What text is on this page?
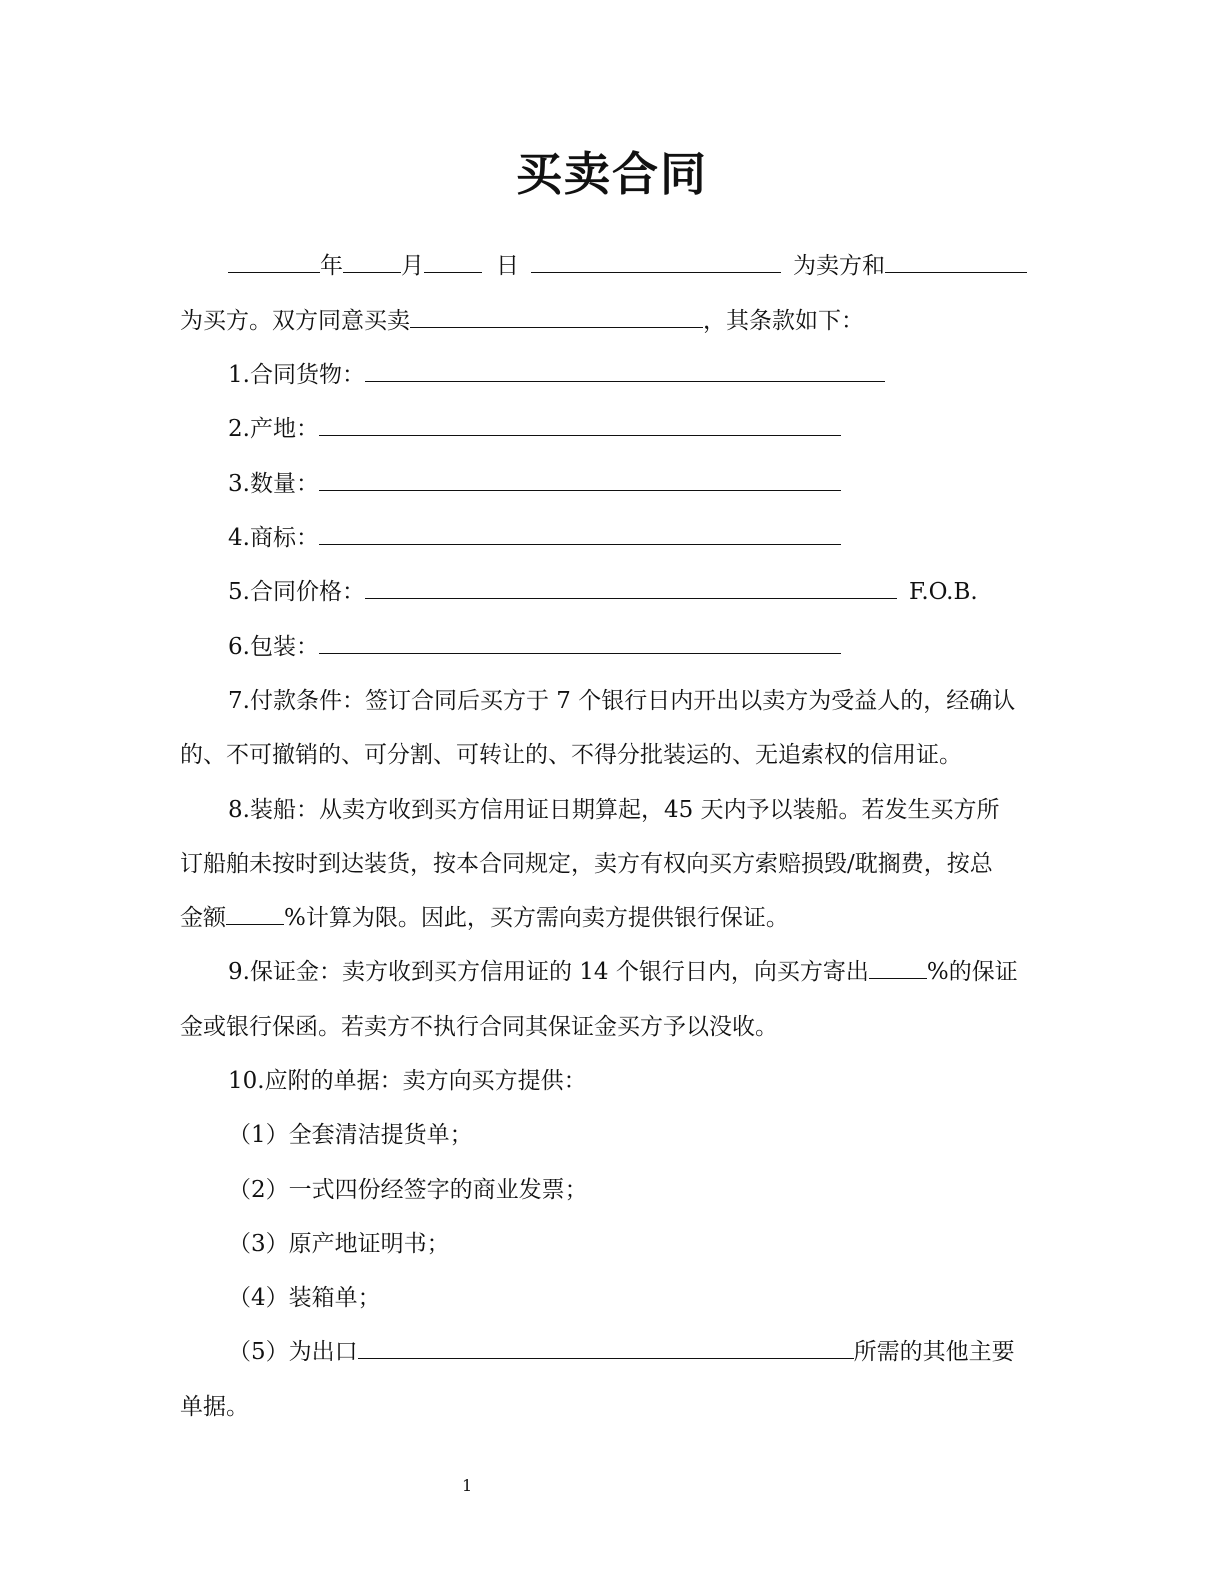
买卖合同
年	月	日	为卖方和
为买方。双方同意买卖	，其条款如下：
1.合同货物：
2.产地：
3.数量：
4.商标：
5.合同价格：	F.O.B.
6.包装：
7.付款条件：签订合同后买方于 7 个银行日内开出以卖方为受益人的，经确认
的、不可撤销的、可分割、可转让的、不得分批装运的、无追索权的信用证。
8.装船：从卖方收到买方信用证日期算起，45 天内予以装船。若发生买方所
订船舶未按时到达装货，按本合同规定，卖方有权向买方索赔损毁/耽搁费，按总
金额	%计算为限。因此，买方需向卖方提供银行保证。
9.保证金：卖方收到买方信用证的 14 个银行日内，向买方寄出	%的保证
金或银行保函。若卖方不执行合同其保证金买方予以没收。
10.应附的单据：卖方向买方提供：
（1）全套清洁提货单；
（2）一式四份经签字的商业发票；
（3）原产地证明书；
（4）装箱单；
（5）为出口	所需的其他主要
单据。
1
